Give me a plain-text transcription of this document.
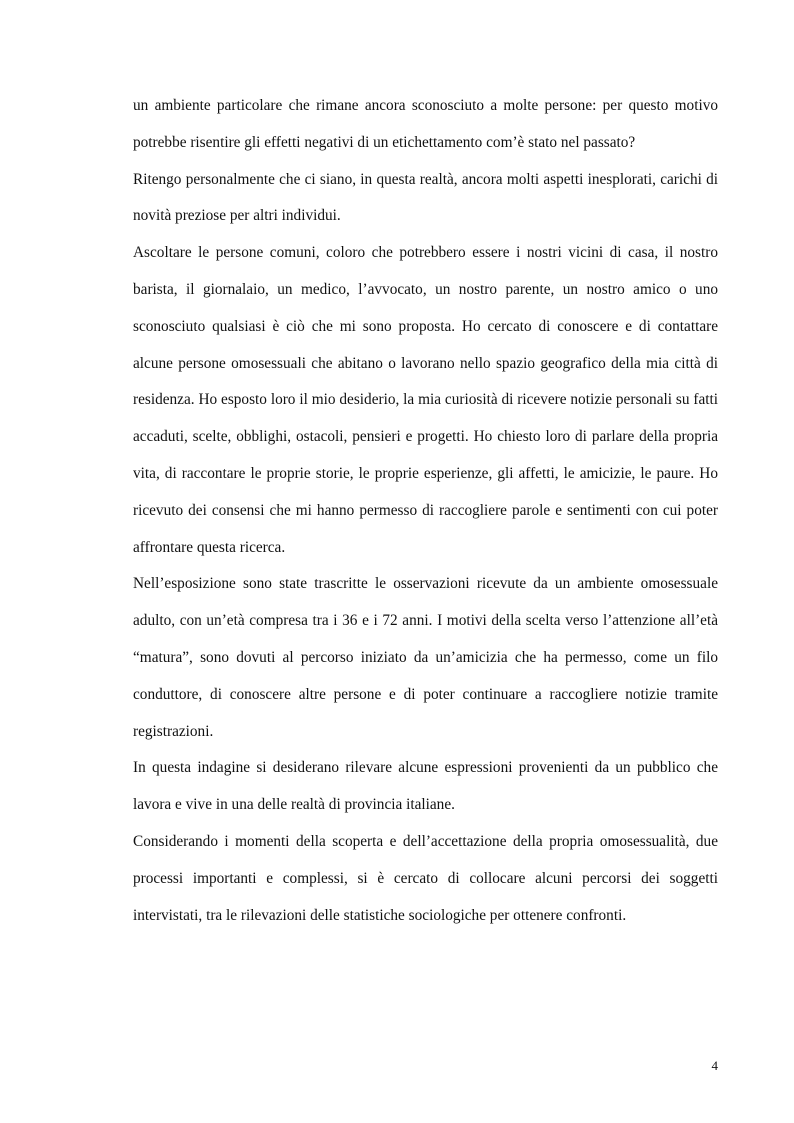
un ambiente particolare che rimane ancora sconosciuto a molte persone: per questo motivo potrebbe risentire gli effetti negativi di un etichettamento com’è stato nel passato?

Ritengo personalmente che ci siano, in questa realtà, ancora molti aspetti inesplorati, carichi di novità preziose per altri individui.

Ascoltare le persone comuni, coloro che potrebbero essere i nostri vicini di casa, il nostro barista, il giornalaio, un medico, l’avvocato, un nostro parente, un nostro amico o uno sconosciuto qualsiasi è ciò che mi sono proposta. Ho cercato di conoscere e di contattare alcune persone omosessuali che abitano o lavorano nello spazio geografico della mia città di residenza. Ho esposto loro il mio desiderio, la mia curiosità di ricevere notizie personali su fatti accaduti, scelte, obblighi, ostacoli, pensieri e progetti. Ho chiesto loro di parlare della propria vita, di raccontare le proprie storie, le proprie esperienze, gli affetti, le amicizie, le paure. Ho ricevuto dei consensi che mi hanno permesso di raccogliere parole e sentimenti con cui poter affrontare questa ricerca.

Nell’esposizione sono state trascritte le osservazioni ricevute da un ambiente omosessuale adulto, con un’età compresa tra i 36 e i 72 anni. I motivi della scelta verso l’attenzione all’età “matura”, sono dovuti al percorso iniziato da un’amicizia che ha permesso, come un filo conduttore, di conoscere altre persone e di poter continuare a raccogliere notizie tramite registrazioni.

In questa indagine si desiderano rilevare alcune espressioni provenienti da un pubblico che lavora e vive in una delle realtà di provincia italiane.

Considerando i momenti della scoperta e dell’accettazione della propria omosessualità, due processi importanti e complessi, si è cercato di collocare alcuni percorsi dei soggetti intervistati, tra le rilevazioni delle statistiche sociologiche per ottenere confronti.

4
